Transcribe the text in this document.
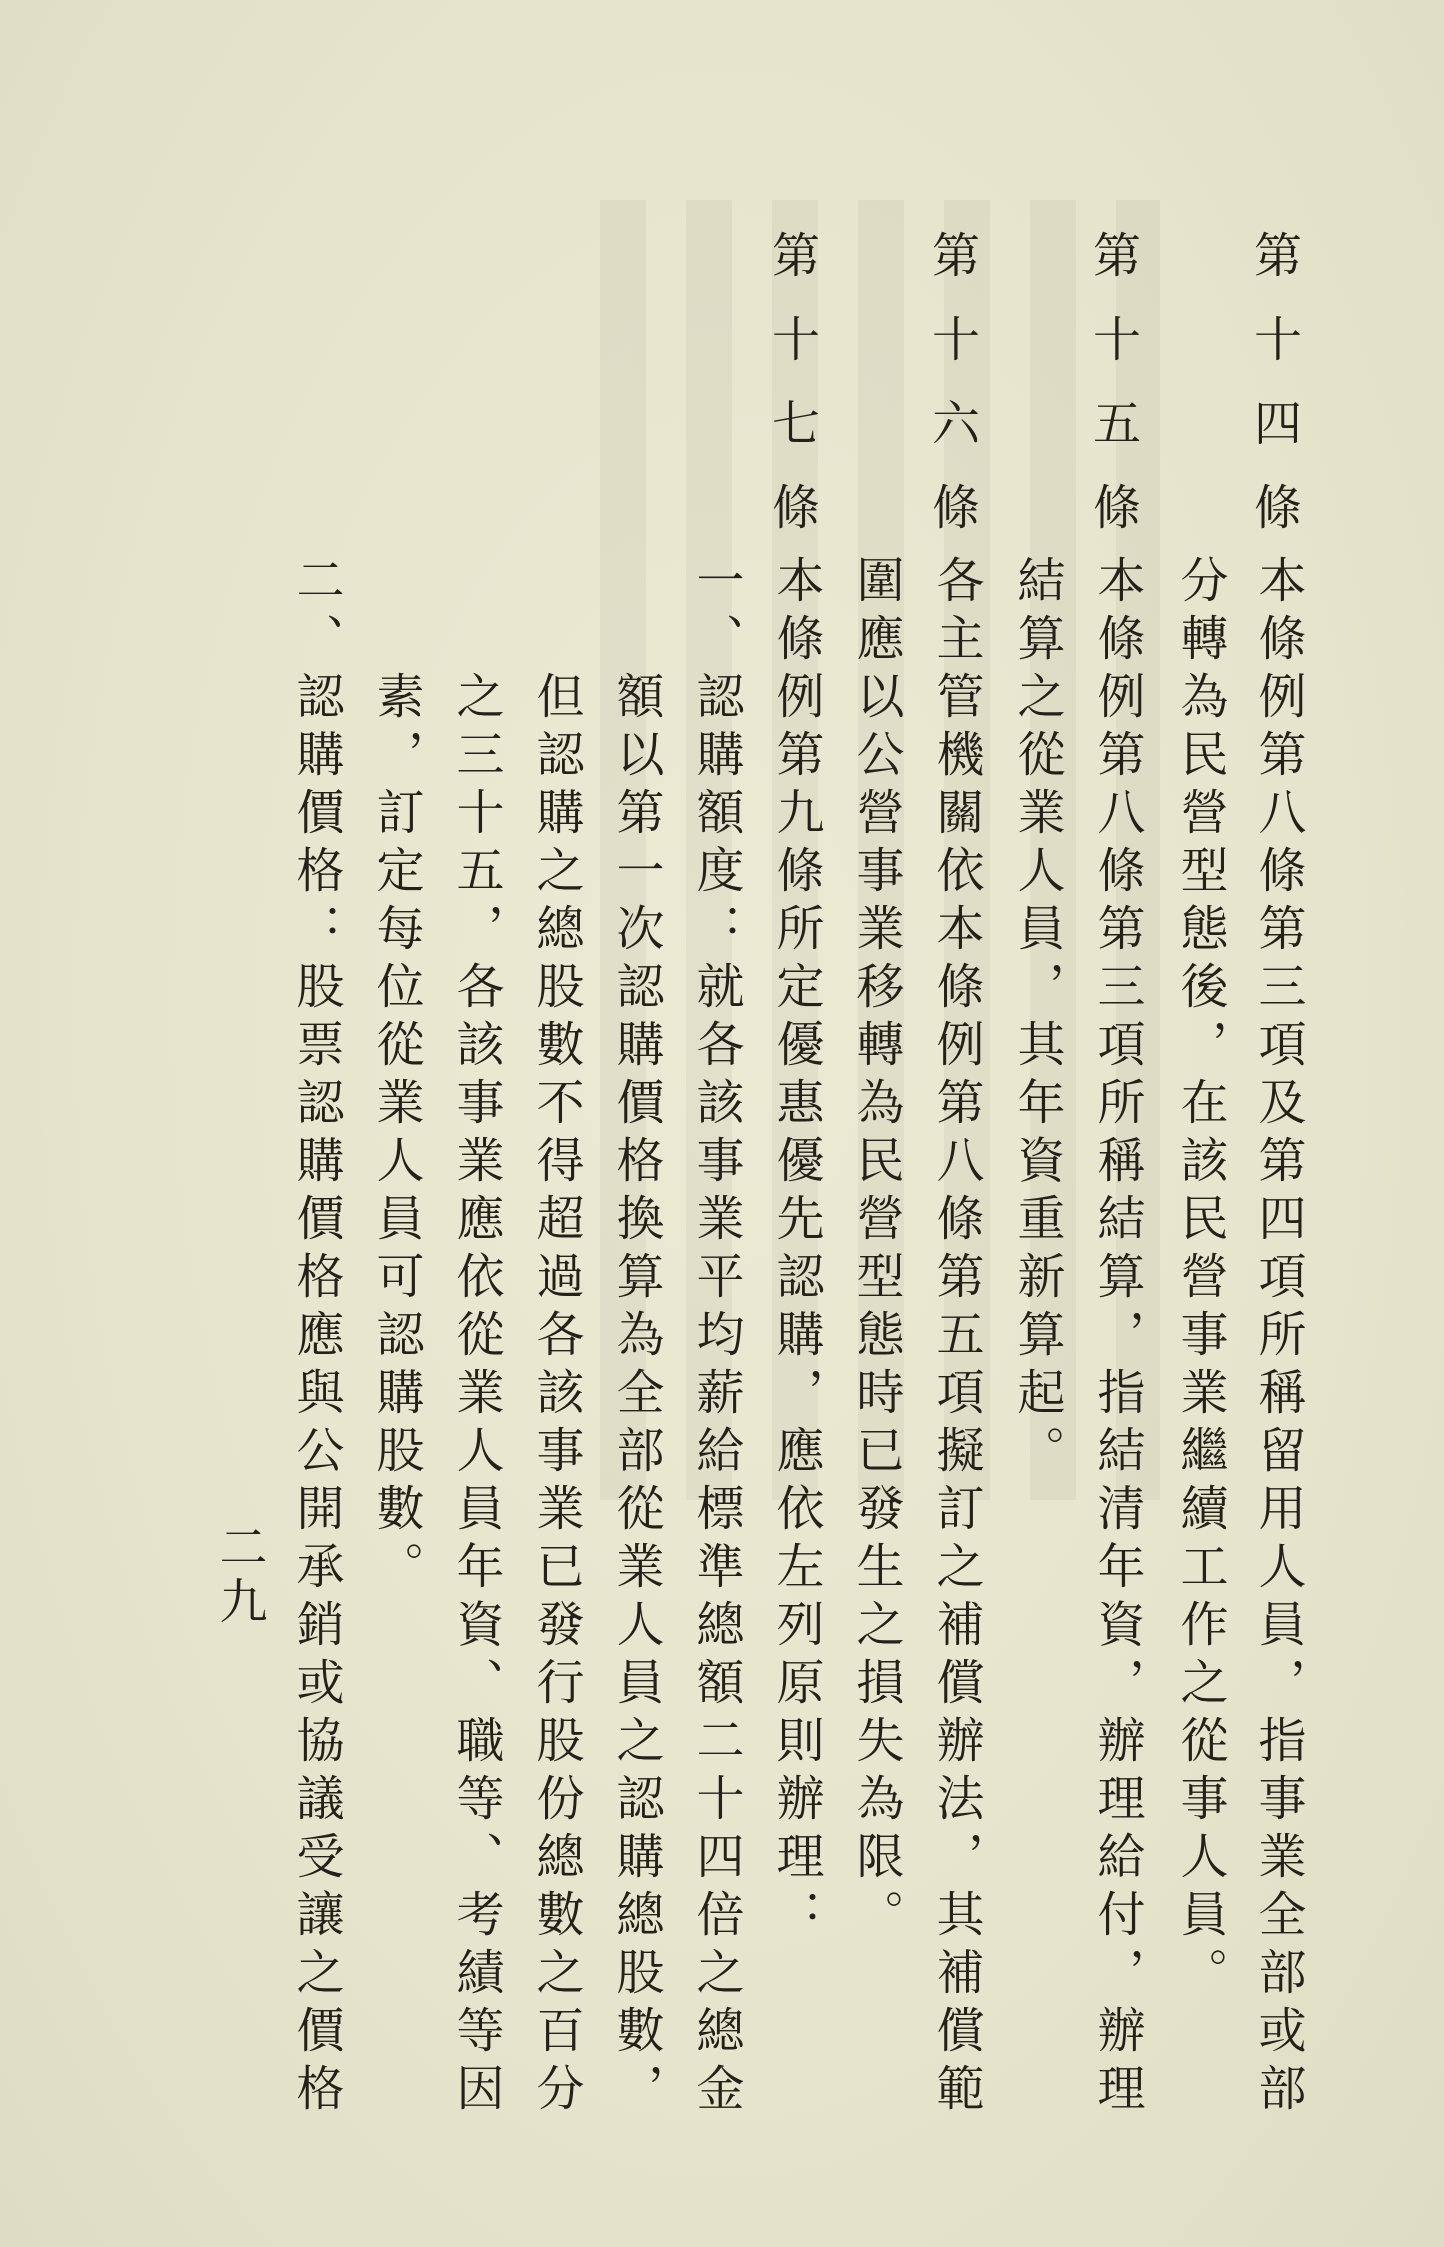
第
十
四
條
本條例第八條第三項及第四項所稱留用人員，指事業全部或部
分轉為民營型態後，在該民營事業繼續工作之從事人員。
第
十
五
條
本條例第八條第三項所稱結算，指結清年資，辦理給付，辦理
結算之從業人員，其年資重新算起。
第
十
六
條
各主管機關依本條例第八條第五項擬訂之補償辦法，其補償範
圍應以公營事業移轉為民營型態時已發生之損失為限。
第
十
七
條
本條例第九條所定優惠優先認購，應依左列原則辦理：
一、認購額度：就各該事業平均薪給標準總額二十四倍之總金
　　額以第一次認購價格換算為全部從業人員之認購總股數，
　　但認購之總股數不得超過各該事業已發行股份總數之百分
　　之三十五，各該事業應依從業人員年資、職等、考績等因
　　素，訂定每位從業人員可認購股數。
二、認購價格：股票認購價格應與公開承銷或協議受讓之價格
二九
